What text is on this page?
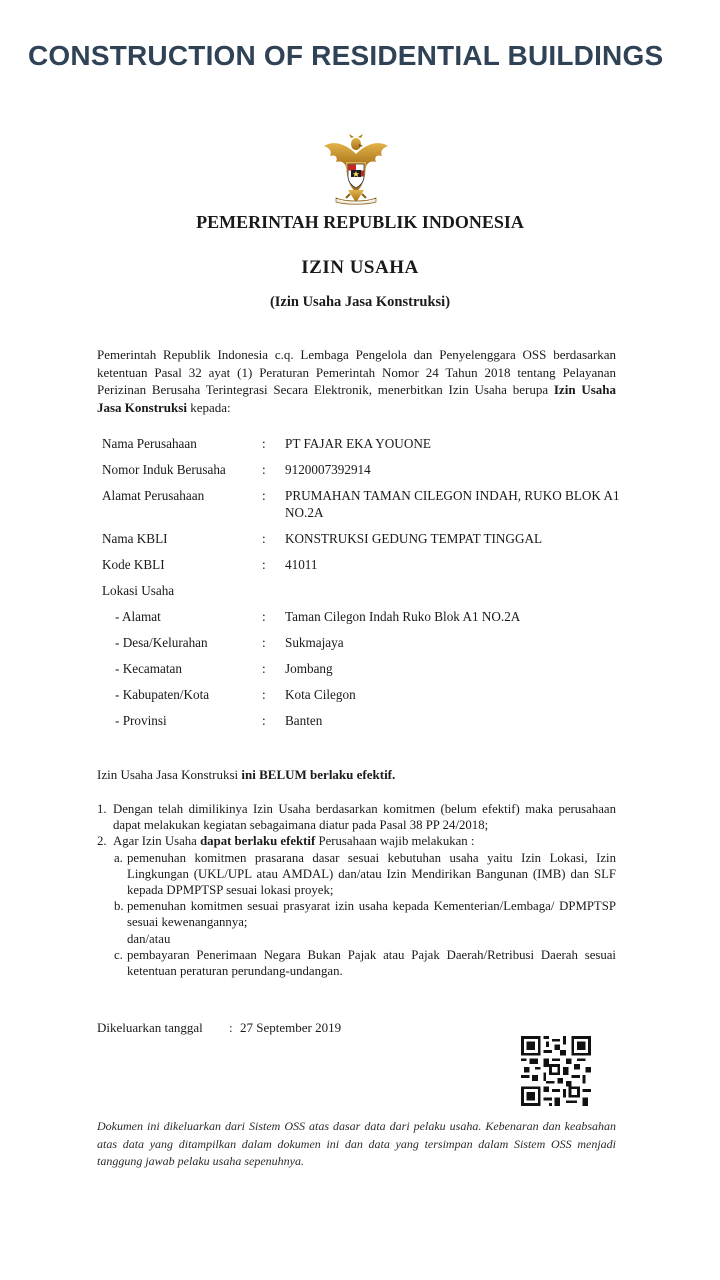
CONSTRUCTION OF RESIDENTIAL BUILDINGS
PEMERINTAH REPUBLIK INDONESIA
IZIN USAHA
(Izin Usaha Jasa Konstruksi)

Pemerintah Republik Indonesia c.q. Lembaga Pengelola dan Penyelenggara OSS berdasarkan ketentuan Pasal 32 ayat (1) Peraturan Pemerintah Nomor 24 Tahun 2018 tentang Pelayanan Perizinan Berusaha Terintegrasi Secara Elektronik, menerbitkan Izin Usaha berupa Izin Usaha Jasa Konstruksi kepada:

Nama Perusahaan	: PT FAJAR EKA YOUONE
Nomor Induk Berusaha	: 9120007392914
Alamat Perusahaan	: PRUMAHAN TAMAN CILEGON INDAH, RUKO BLOK A1 NO.2A
Nama KBLI	: KONSTRUKSI GEDUNG TEMPAT TINGGAL
Kode KBLI	: 41011
Lokasi Usaha
- Alamat	: Taman Cilegon Indah Ruko Blok A1 NO.2A
- Desa/Kelurahan	: Sukmajaya
- Kecamatan	: Jombang
- Kabupaten/Kota	: Kota Cilegon
- Provinsi	: Banten
Izin Usaha Jasa Konstruksi ini BELUM berlaku efektif.
1. Dengan telah dimilikinya Izin Usaha berdasarkan komitmen (belum efektif) maka perusahaan dapat melakukan kegiatan sebagaimana diatur pada Pasal 38 PP 24/2018;
2. Agar Izin Usaha dapat berlaku efektif Perusahaan wajib melakukan :
a. pemenuhan komitmen prasarana dasar sesuai kebutuhan usaha yaitu Izin Lokasi, Izin Lingkungan (UKL/UPL atau AMDAL) dan/atau Izin Mendirikan Bangunan (IMB) dan SLF kepada DPMPTSP sesuai lokasi proyek;
b. pemenuhan komitmen sesuai prasyarat izin usaha kepada Kementerian/Lembaga/ DPMPTSP sesuai kewenangannya;
dan/atau
c. pembayaran Penerimaan Negara Bukan Pajak atau Pajak Daerah/Retribusi Daerah sesuai ketentuan peraturan perundang-undangan.
Dikeluarkan tanggal : 27 September 2019

Dokumen ini dikeluarkan dari Sistem OSS atas dasar data dari pelaku usaha. Kebenaran dan keabsahan atas data yang ditampilkan dalam dokumen ini dan data yang tersimpan dalam Sistem OSS menjadi tanggung jawab pelaku usaha sepenuhnya.
